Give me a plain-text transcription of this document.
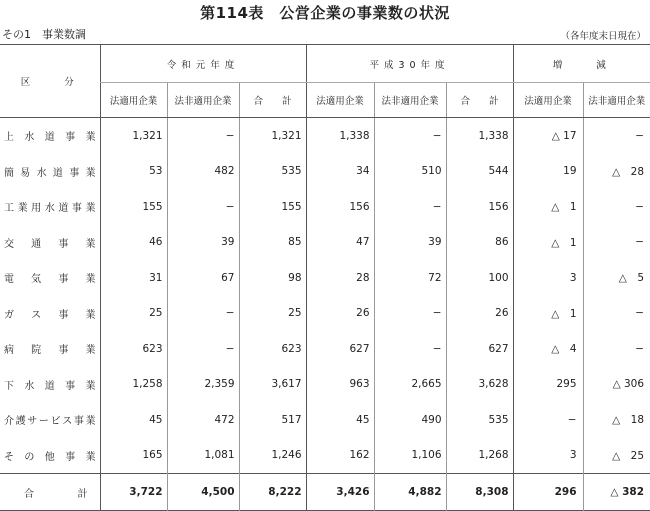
第114表　公営企業の事業数の状況
その1　事業数調	（各年度末日現在）
区　　分	令和元年度			平成30年度			増　　減	
	法適用企業	法非適用企業	合　　計	法適用企業	法非適用企業	合　　計	法適用企業	法非適用企業
上水道事業	1,321	−	1,321	1,338	−	1,338	△ 17	−
簡易水道事業	53	482	535	34	510	544	19	△　28
工業用水道事業	155	−	155	156	−	156	△　1	−
交通事業	46	39	85	47	39	86	△　1	−
電気事業	31	67	98	28	72	100	3	△　5
ガス事業	25	−	25	26	−	26	△　1	−
病院事業	623	−	623	627	−	627	△　4	−
下水道事業	1,258	2,359	3,617	963	2,665	3,628	295	△ 306
介護サービス事業	45	472	517	45	490	535	−	△　18
その他事業	165	1,081	1,246	162	1,106	1,268	3	△　25
合計	3,722	4,500	8,222	3,426	4,882	8,308	296	△ 382
